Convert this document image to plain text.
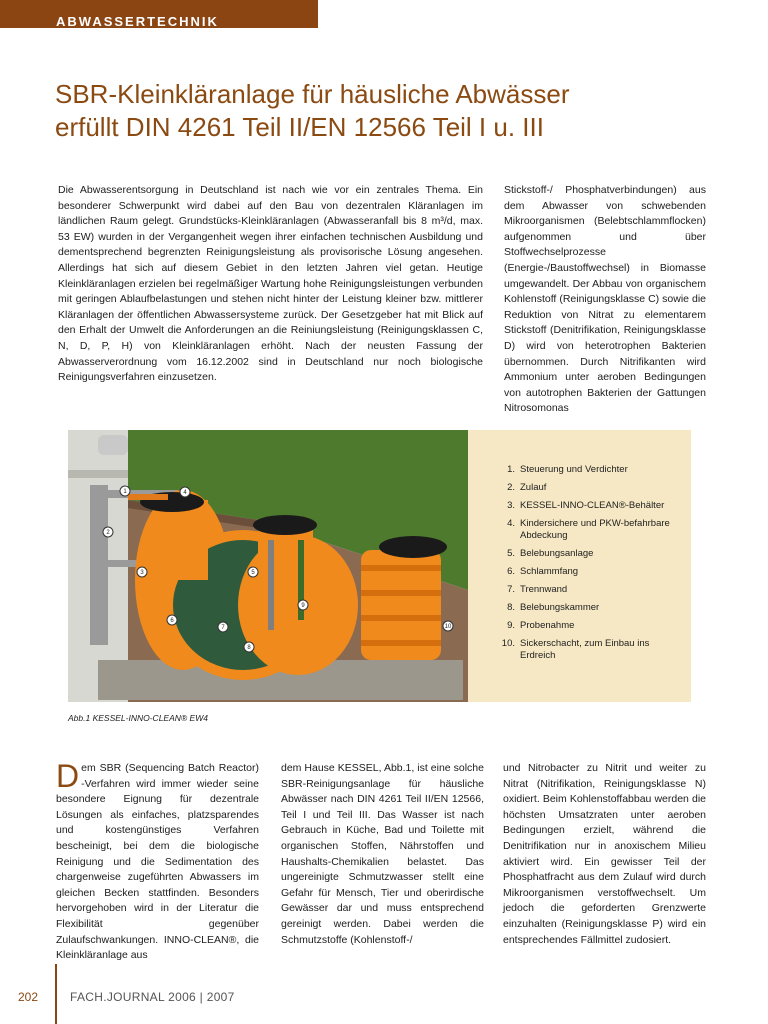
ABWASSERTECHNIK
SBR-Kleinkläranlage für häusliche Abwässer
erfüllt DIN 4261 Teil II/EN 12566 Teil I u. III
Die Abwasserentsorgung in Deutschland ist nach wie vor ein zentrales Thema. Ein besonderer Schwerpunkt wird dabei auf den Bau von dezentralen Kläranlagen im ländlichen Raum gelegt. Grundstücks-Kleinkläranlagen (Abwasseranfall bis 8 m³/d, max. 53 EW) wurden in der Vergangenheit wegen ihrer einfachen technischen Ausbildung und dementsprechend begrenzten Reinigungsleistung als provisorische Lösung angesehen. Allerdings hat sich auf diesem Gebiet in den letzten Jahren viel getan. Heutige Kleinkläranlagen erzielen bei regelmäßiger Wartung hohe Reinigungsleistungen verbunden mit geringen Ablaufbelastungen und stehen nicht hinter der Leistung kleiner bzw. mittlerer Kläranlagen der öffentlichen Abwassersysteme zurück. Der Gesetzgeber hat mit Blick auf den Erhalt der Umwelt die Anforderungen an die Reiniungsleistung (Reinigungsklassen C, N, D, P, H) von Kleinkläranlagen erhöht. Nach der neusten Fassung der Abwasserverordnung vom 16.12.2002 sind in Deutschland nur noch biologische Reinigungsverfahren einzusetzen.
Stickstoff-/ Phosphatverbindungen) aus dem Abwasser von schwebenden Mikroorganismen (Belebtschlammflocken) aufgenommen und über Stoffwechselprozesse (Energie-/Baustoffwechsel) in Biomasse umgewandelt. Der Abbau von organischem Kohlenstoff (Reinigungsklasse C) sowie die Reduktion von Nitrat zu elementarem Stickstoff (Denitrifikation, Reinigungsklasse D) wird von heterotrophen Bakterien übernommen. Durch Nitrifikanten wird Ammonium unter aeroben Bedingungen von autotrophen Bakterien der Gattungen Nitrosomonas
1
2
3
4
5
6
7
8
9
10
1. Steuerung und Verdichter
2. Zulauf
3. KESSEL-INNO-CLEAN®-Behälter
4. Kindersichere und PKW-befahrbare Abdeckung
5. Belebungsanlage
6. Schlammfang
7. Trennwand
8. Belebungskammer
9. Probenahme
10. Sickerschacht, zum Einbau ins Erdreich
Abb.1 KESSEL-INNO-CLEAN® EW4
Dem SBR (Sequencing Batch Reactor) -Verfahren wird immer wieder seine besondere Eignung für dezentrale Lösungen als einfaches, platzsparendes und kostengünstiges Verfahren bescheinigt, bei dem die biologische Reinigung und die Sedimentation des chargenweise zugeführten Abwassers im gleichen Becken stattfinden. Besonders hervorgehoben wird in der Literatur die Flexibilität gegenüber Zulaufschwankungen. INNO-CLEAN®, die Kleinkläranlage aus
dem Hause KESSEL, Abb.1, ist eine solche SBR-Reinigungsanlage für häusliche Abwässer nach DIN 4261 Teil II/EN 12566, Teil I und Teil III. Das Wasser ist nach Gebrauch in Küche, Bad und Toilette mit organischen Stoffen, Nährstoffen und Haushalts-Chemikalien belastet. Das ungereinigte Schmutzwasser stellt eine Gefahr für Mensch, Tier und oberirdische Gewässer dar und muss entsprechend gereinigt werden. Dabei werden die Schmutzstoffe (Kohlenstoff-/
und Nitrobacter zu Nitrit und weiter zu Nitrat (Nitrifikation, Reinigungsklasse N) oxidiert. Beim Kohlenstoffabbau werden die höchsten Umsatzraten unter aeroben Bedingungen erzielt, während die Denitrifikation nur in anoxischem Milieu aktiviert wird. Ein gewisser Teil der Phosphatfracht aus dem Zulauf wird durch Mikroorganismen verstoffwechselt. Um jedoch die geforderten Grenzwerte einzuhalten (Reinigungsklasse P) wird ein entsprechendes Fällmittel zudosiert.
202	FACH.JOURNAL 2006 | 2007
